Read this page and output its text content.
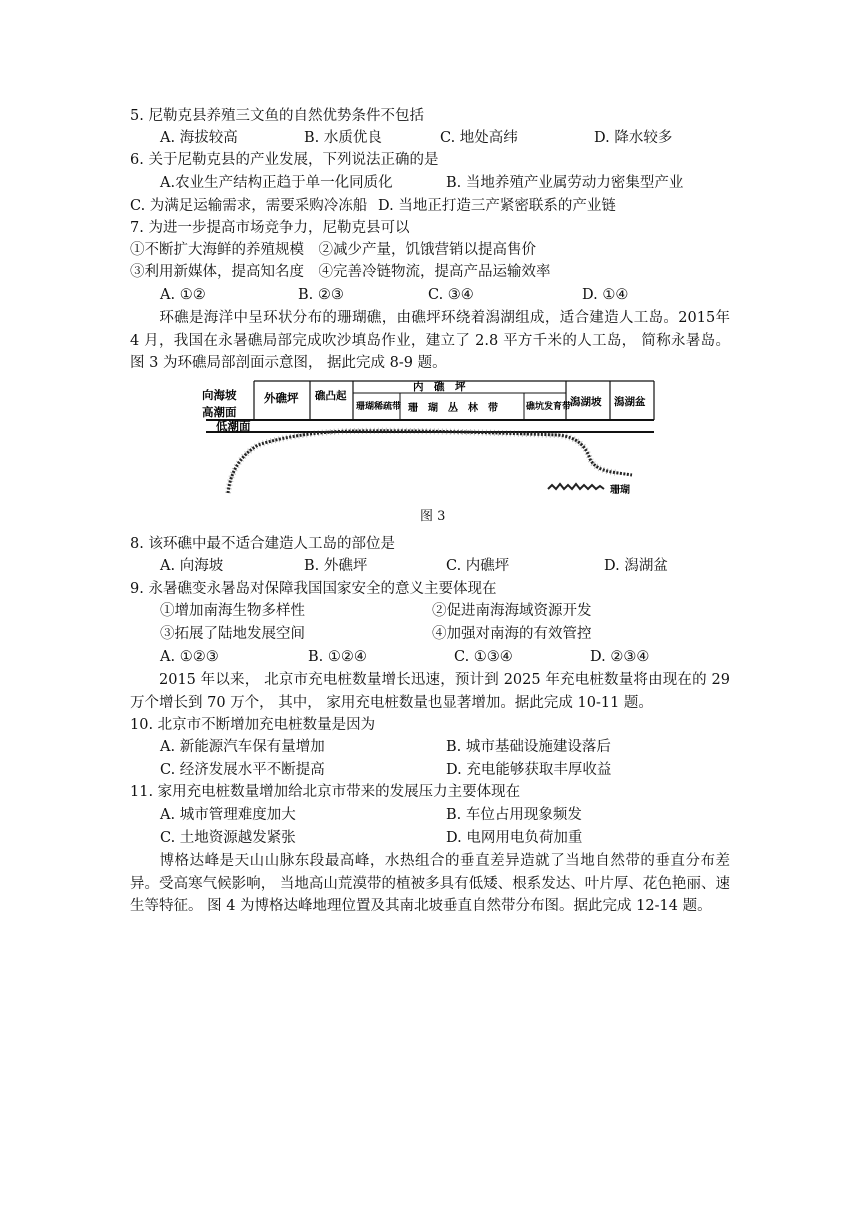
5. 尼勒克县养殖三文鱼的自然优势条件不包括
A. 海拔较高	B. 水质优良	C. 地处高纬	D. 降水较多
6. 关于尼勒克县的产业发展，下列说法正确的是
A.农业生产结构正趋于单一化同质化	B. 当地养殖产业属劳动力密集型产业
C. 为满足运输需求，需要采购冷冻船 D. 当地正打造三产紧密联系的产业链
7. 为进一步提高市场竞争力，尼勒克县可以
①不断扩大海鲜的养殖规模　②减少产量，饥饿营销以提高售价
③利用新媒体，提高知名度　④完善冷链物流，提高产品运输效率
A. ①②	B. ②③	C. ③④	D. ①④
环礁是海洋中呈环状分布的珊瑚礁，由礁坪环绕着潟湖组成，适合建造人工岛。2015年 4 月，我国在永暑礁局部完成吹沙填岛作业，建立了 2.8 平方千米的人工岛， 简称永暑岛。 图 3 为环礁局部剖面示意图， 据此完成 8-9 题。
向海坡
高潮面
外礁坪 礁凸起
内　礁　坪
珊瑚稀疏带 珊　瑚　丛　林　带	礁坑发育带
潟湖坡 潟湖盆
低潮面
珊瑚
图 3
8. 该环礁中最不适合建造人工岛的部位是
A. 向海坡	B. 外礁坪	C. 内礁坪	D. 潟湖盆
9. 永暑礁变永暑岛对保障我国国家安全的意义主要体现在
①增加南海生物多样性	②促进南海海域资源开发
③拓展了陆地发展空间	④加强对南海的有效管控
A. ①②③	B. ①②④	C. ①③④	D. ②③④
2015 年以来， 北京市充电桩数量增长迅速，预计到 2025 年充电桩数量将由现在的 29 万个增长到 70 万个， 其中， 家用充电桩数量也显著增加。据此完成 10-11 题。
10. 北京市不断增加充电桩数量是因为
A. 新能源汽车保有量增加	B. 城市基础设施建设落后
C. 经济发展水平不断提高	D. 充电能够获取丰厚收益
11. 家用充电桩数量增加给北京市带来的发展压力主要体现在
A. 城市管理难度加大	B. 车位占用现象频发
C. 土地资源越发紧张	D. 电网用电负荷加重
博格达峰是天山山脉东段最高峰，水热组合的垂直差异造就了当地自然带的垂直分布差异。受高寒气候影响， 当地高山荒漠带的植被多具有低矮、根系发达、叶片厚、花色艳丽、速生等特征。 图 4 为博格达峰地理位置及其南北坡垂直自然带分布图。据此完成 12-14 题。
